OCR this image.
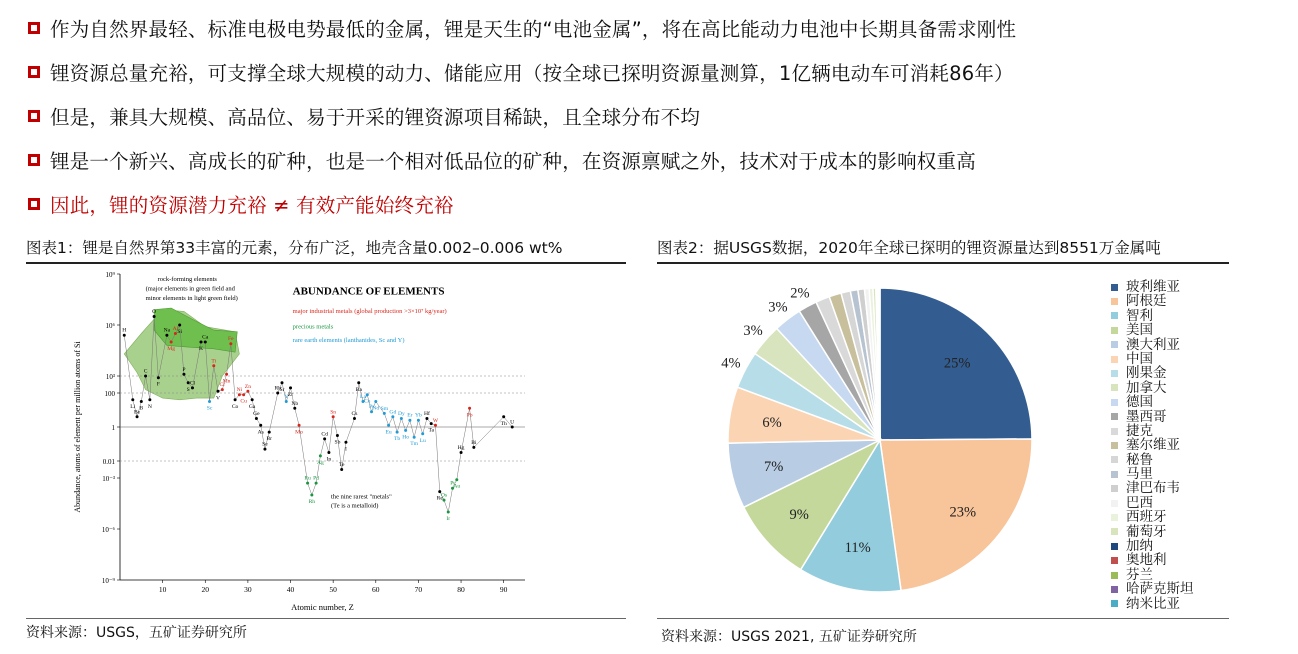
作为自然界最轻、标准电极电势最低的金属，锂是天生的“电池金属”，将在高比能动力电池中长期具备需求刚性
锂资源总量充裕，可支撑全球大规模的动力、储能应用（按全球已探明资源量测算，1亿辆电动车可消耗86年）
但是，兼具大规模、高品位、易于开采的锂资源项目稀缺，且全球分布不均
锂是一个新兴、高成长的矿种，也是一个相对低品位的矿种，在资源禀赋之外，技术对于成本的影响权重高
因此，锂的资源潜力充裕 ≠ 有效产能始终充裕
图表1：锂是自然界第33丰富的元素，分布广泛，地壳含量0.002–0.006 wt%
10⁹
10⁶
10³
100
1
0.01
10⁻³
10⁻⁶
10⁻⁹
10	20	30	40	50	60	70	80	90
Atomic number, Z
Abundance, atoms of element per million atoms of Si
ABUNDANCE OF ELEMENTS
rock-forming elements
(major elements in green field and
minor elements in light green field)
major industrial metals (global production >3×10⁷ kg/year)
precious metals
rare earth elements (lanthanides, Sc and Y)
the nine rarest "metals"
(Te is a metalloid)
H
Li
Be
B
C
N
O
F
Na
Mg
Al Si
P
S
Cl
K
Ca
Sc
Ti
V
Cr
Mn
Fe
Co
Ni
Cu
Zn
Ga
Ge
As
Se
Br
Rb
Sr
Y Zr
Nb
Mo
Ru
Rh
Pd
Ag
Cd
In
Sn
Sb
Te
I
Cs
Ba
La
Ce
Pr
Nd Sm
Eu
Gd
Tb
Dy
Ho
Er
Tm
Yb
Lu
Hf
Ta
W
Re
Os
Ir
Pt
Au
Hg
Pb
Bi
Th U
资料来源：USGS，五矿证券研究所
图表2：据USGS数据，2020年全球已探明的锂资源量达到8551万金属吨
25%
23%
11%
9%
7%
6%
4%
3%
3%
2%	玻利维亚
阿根廷
智利
美国
澳大利亚
中国
刚果金
加拿大
德国
墨西哥
捷克
塞尔维亚
秘鲁
马里
津巴布韦
巴西
西班牙
葡萄牙
加纳
奥地利
芬兰
哈萨克斯坦
纳米比亚
资料来源：USGS 2021, 五矿证券研究所
